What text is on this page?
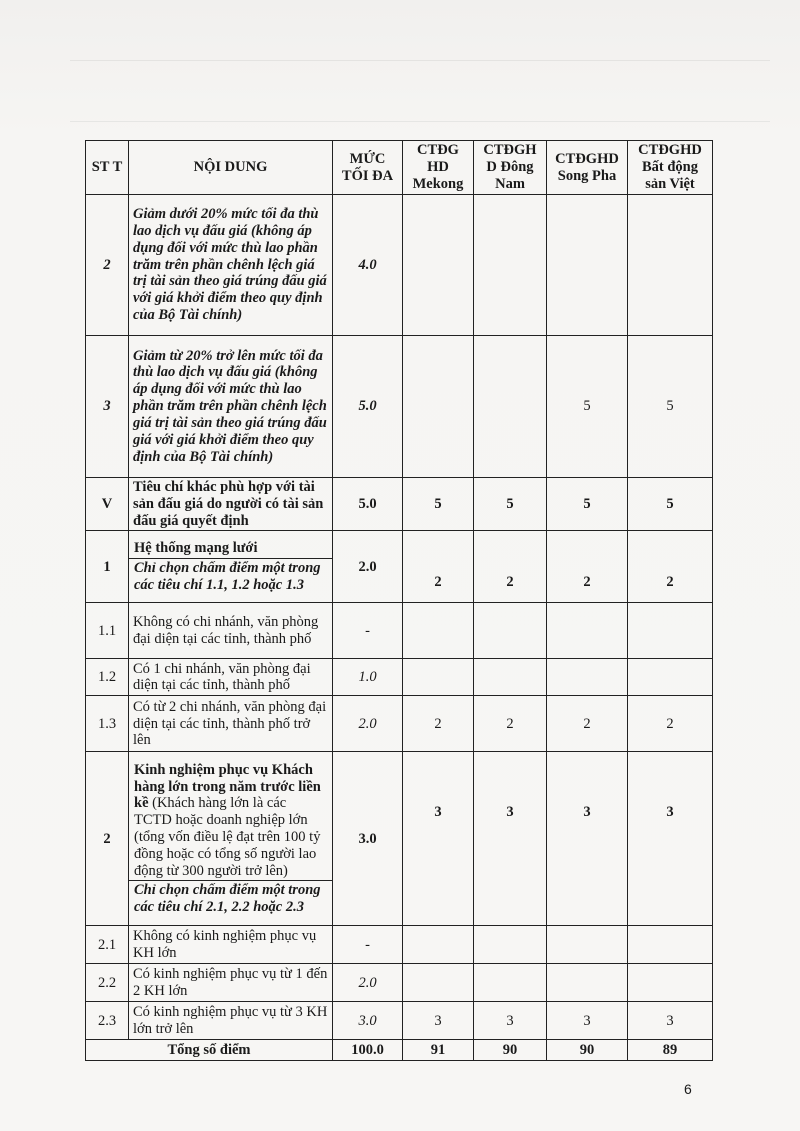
ST T	NỘI DUNG	MỨC TỐI ĐA	CTĐG HD Mekong	CTĐGH D Đông Nam	CTĐGHD Song Pha	CTĐGHD Bất động sản Việt
2	Giảm dưới 20% mức tối đa thù lao dịch vụ đấu giá (không áp dụng đối với mức thù lao phần trăm trên phần chênh lệch giá trị tài sản theo giá trúng đấu giá với giá khởi điểm theo quy định của Bộ Tài chính)	4.0				
3	Giảm từ 20% trở lên mức tối đa thù lao dịch vụ đấu giá (không áp dụng đối với mức thù lao phần trăm trên phần chênh lệch giá trị tài sản theo giá trúng đấu giá với giá khởi điểm theo quy định của Bộ Tài chính)	5.0			5	5
V	Tiêu chí khác phù hợp với tài sản đấu giá do người có tài sản đấu giá quyết định	5.0	5	5	5	5
1	Hệ thống mạng lưới
Chỉ chọn chấm điểm một trong các tiêu chí 1.1, 1.2 hoặc 1.3	2.0	2	2	2	2
1.1	Không có chi nhánh, văn phòng đại diện tại các tỉnh, thành phố	-				
1.2	Có 1 chi nhánh, văn phòng đại diện tại các tỉnh, thành phố	1.0				
1.3	Có từ 2 chi nhánh, văn phòng đại diện tại các tỉnh, thành phố trở lên	2.0	2	2	2	2
2	Kinh nghiệm phục vụ Khách hàng lớn trong năm trước liền kề (Khách hàng lớn là các TCTD hoặc doanh nghiệp lớn (tổng vốn điều lệ đạt trên 100 tỷ đồng hoặc có tổng số người lao động từ 300 người trở lên)
Chỉ chọn chấm điểm một trong các tiêu chí 2.1, 2.2 hoặc 2.3	3.0	3	3	3	3
2.1	Không có kinh nghiệm phục vụ KH lớn	-				
2.2	Có kinh nghiệm phục vụ từ 1 đến 2 KH lớn	2.0				
2.3	Có kinh nghiệm phục vụ từ 3 KH lớn trở lên	3.0	3	3	3	3
Tổng số điểm		100.0	91	90	90	89
6
